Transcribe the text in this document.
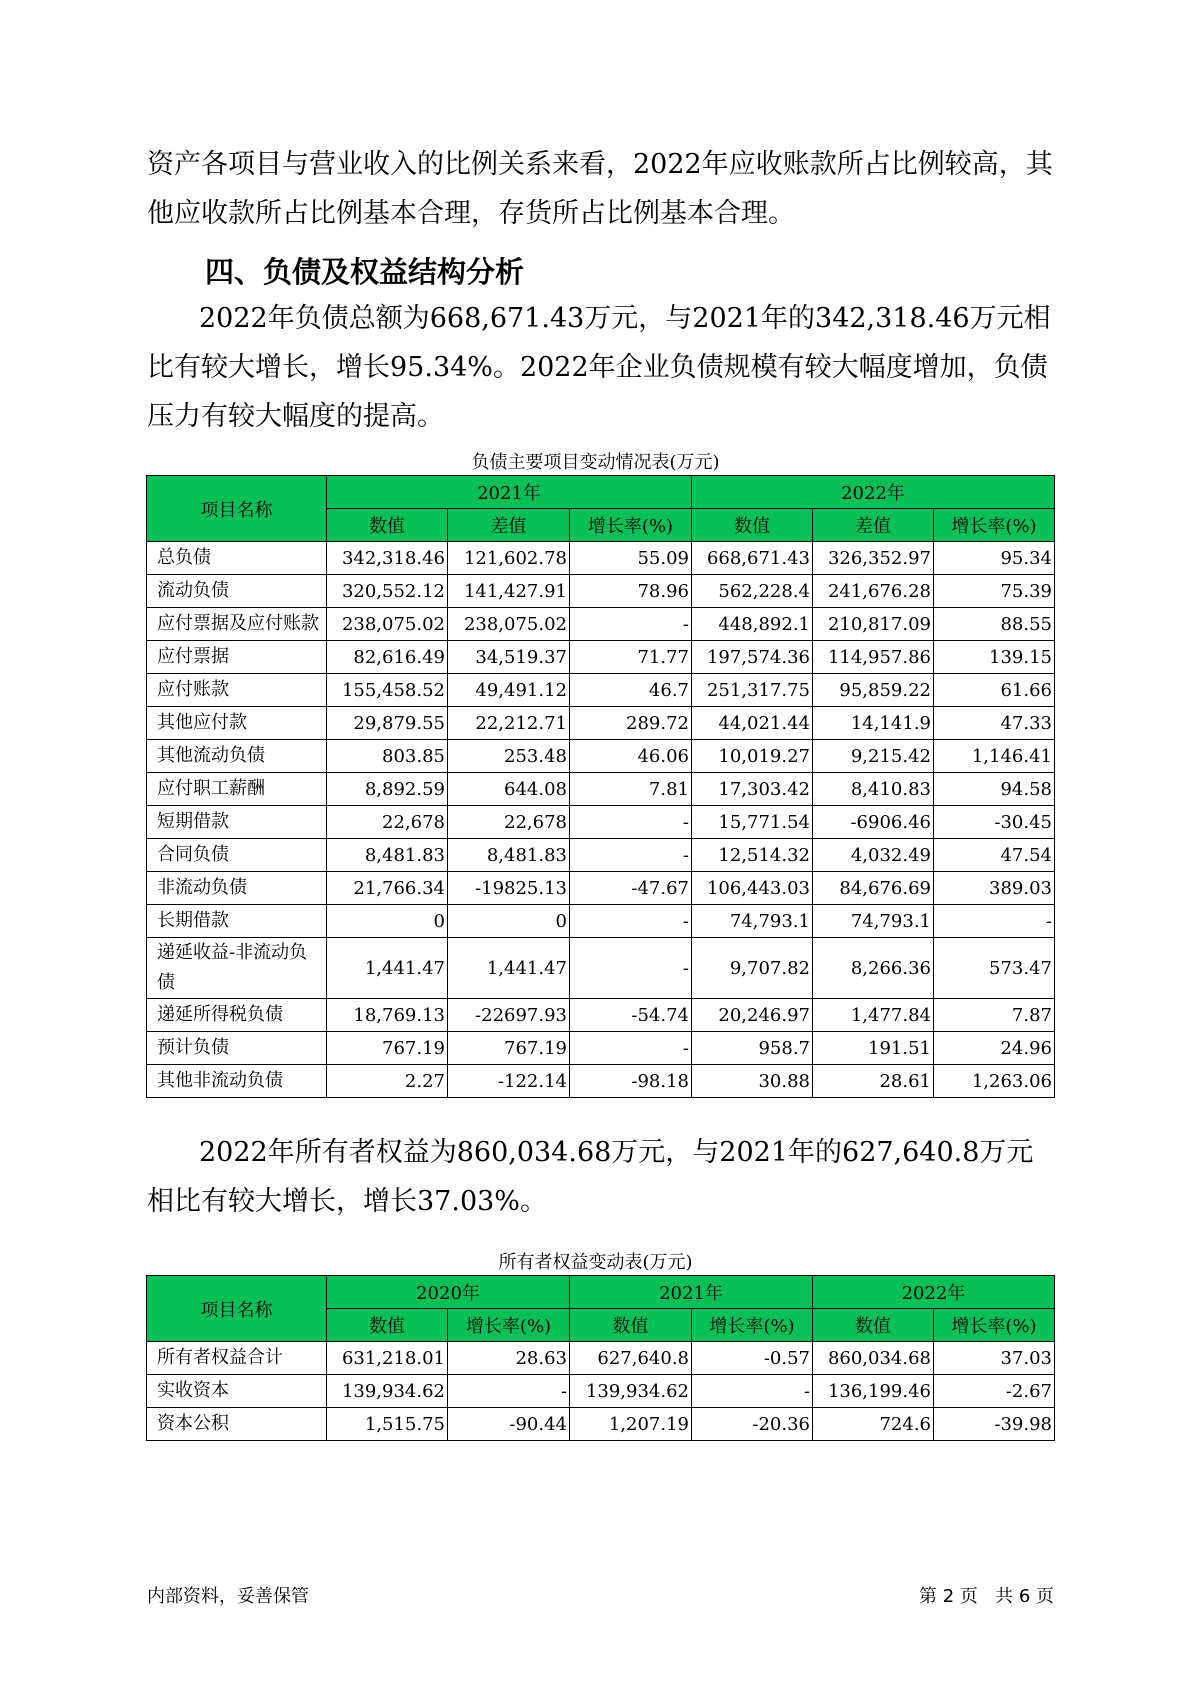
资产各项目与营业收入的比例关系来看，2022年应收账款所占比例较高，其他应收款所占比例基本合理，存货所占比例基本合理。

四、负债及权益结构分析

2022年负债总额为668,671.43万元，与2021年的342,318.46万元相比有较大增长，增长95.34%。2022年企业负债规模有较大幅度增加，负债压力有较大幅度的提高。

负债主要项目变动情况表(万元)
项目名称	2021年			2022年		
	数值	差值	增长率(%)	数值	差值	增长率(%)
总负债	342,318.46	121,602.78	55.09	668,671.43	326,352.97	95.34
流动负债	320,552.12	141,427.91	78.96	562,228.4	241,676.28	75.39
应付票据及应付账款	238,075.02	238,075.02	-	448,892.1	210,817.09	88.55
应付票据	82,616.49	34,519.37	71.77	197,574.36	114,957.86	139.15
应付账款	155,458.52	49,491.12	46.7	251,317.75	95,859.22	61.66
其他应付款	29,879.55	22,212.71	289.72	44,021.44	14,141.9	47.33
其他流动负债	803.85	253.48	46.06	10,019.27	9,215.42	1,146.41
应付职工薪酬	8,892.59	644.08	7.81	17,303.42	8,410.83	94.58
短期借款	22,678	22,678	-	15,771.54	-6906.46	-30.45
合同负债	8,481.83	8,481.83	-	12,514.32	4,032.49	47.54
非流动负债	21,766.34	-19825.13	-47.67	106,443.03	84,676.69	389.03
长期借款	0	0	-	74,793.1	74,793.1	-
递延收益-非流动负债	1,441.47	1,441.47	-	9,707.82	8,266.36	573.47
递延所得税负债	18,769.13	-22697.93	-54.74	20,246.97	1,477.84	7.87
预计负债	767.19	767.19	-	958.7	191.51	24.96
其他非流动负债	2.27	-122.14	-98.18	30.88	28.61	1,263.06

2022年所有者权益为860,034.68万元，与2021年的627,640.8万元相比有较大增长，增长37.03%。

所有者权益变动表(万元)
项目名称	2020年		2021年		2022年	
	数值	增长率(%)	数值	增长率(%)	数值	增长率(%)
所有者权益合计	631,218.01	28.63	627,640.8	-0.57	860,034.68	37.03
实收资本	139,934.62	-	139,934.62	-	136,199.46	-2.67
资本公积	1,515.75	-90.44	1,207.19	-20.36	724.6	-39.98
内部资料，妥善保管	第 2 页   共 6 页
